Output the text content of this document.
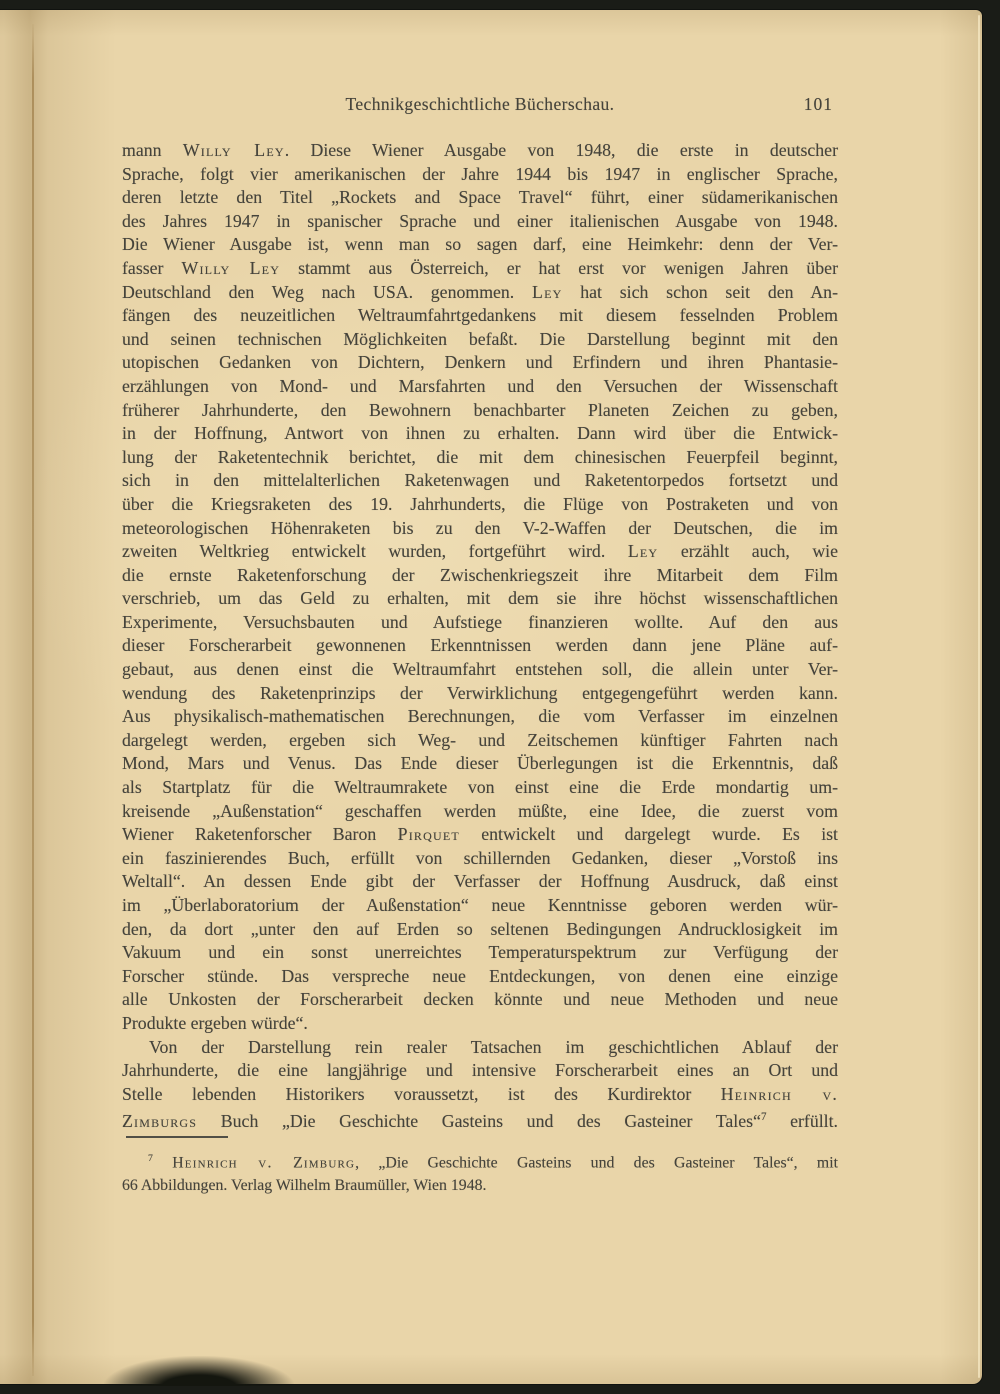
Technikgeschichtliche Bücherschau.	101
mann Willy Ley. Diese Wiener Ausgabe von 1948, die erste in deutscher
Sprache, folgt vier amerikanischen der Jahre 1944 bis 1947 in englischer Sprache,
deren letzte den Titel „Rockets and Space Travel“ führt, einer südamerikanischen
des Jahres 1947 in spanischer Sprache und einer italienischen Ausgabe von 1948.
Die Wiener Ausgabe ist, wenn man so sagen darf, eine Heimkehr: denn der Ver-
fasser Willy Ley stammt aus Österreich, er hat erst vor wenigen Jahren über
Deutschland den Weg nach USA. genommen. Ley hat sich schon seit den An-
fängen des neuzeitlichen Weltraumfahrtgedankens mit diesem fesselnden Problem
und seinen technischen Möglichkeiten befaßt. Die Darstellung beginnt mit den
utopischen Gedanken von Dichtern, Denkern und Erfindern und ihren Phantasie-
erzählungen von Mond- und Marsfahrten und den Versuchen der Wissenschaft
früherer Jahrhunderte, den Bewohnern benachbarter Planeten Zeichen zu geben,
in der Hoffnung, Antwort von ihnen zu erhalten. Dann wird über die Entwick-
lung der Raketentechnik berichtet, die mit dem chinesischen Feuerpfeil beginnt,
sich in den mittelalterlichen Raketenwagen und Raketentorpedos fortsetzt und
über die Kriegsraketen des 19. Jahrhunderts, die Flüge von Postraketen und von
meteorologischen Höhenraketen bis zu den V-2-Waffen der Deutschen, die im
zweiten Weltkrieg entwickelt wurden, fortgeführt wird. Ley erzählt auch, wie
die ernste Raketenforschung der Zwischenkriegszeit ihre Mitarbeit dem Film
verschrieb, um das Geld zu erhalten, mit dem sie ihre höchst wissenschaftlichen
Experimente, Versuchsbauten und Aufstiege finanzieren wollte. Auf den aus
dieser Forscherarbeit gewonnenen Erkenntnissen werden dann jene Pläne auf-
gebaut, aus denen einst die Weltraumfahrt entstehen soll, die allein unter Ver-
wendung des Raketenprinzips der Verwirklichung entgegengeführt werden kann.
Aus physikalisch-mathematischen Berechnungen, die vom Verfasser im einzelnen
dargelegt werden, ergeben sich Weg- und Zeitschemen künftiger Fahrten nach
Mond, Mars und Venus. Das Ende dieser Überlegungen ist die Erkenntnis, daß
als Startplatz für die Weltraumrakete von einst eine die Erde mondartig um-
kreisende „Außenstation“ geschaffen werden müßte, eine Idee, die zuerst vom
Wiener Raketenforscher Baron Pirquet entwickelt und dargelegt wurde. Es ist
ein faszinierendes Buch, erfüllt von schillernden Gedanken, dieser „Vorstoß ins
Weltall“. An dessen Ende gibt der Verfasser der Hoffnung Ausdruck, daß einst
im „Überlaboratorium der Außenstation“ neue Kenntnisse geboren werden wür-
den, da dort „unter den auf Erden so seltenen Bedingungen Andrucklosigkeit im
Vakuum und ein sonst unerreichtes Temperaturspektrum zur Verfügung der
Forscher stünde. Das verspreche neue Entdeckungen, von denen eine einzige
alle Unkosten der Forscherarbeit decken könnte und neue Methoden und neue
Produkte ergeben würde“.
Von der Darstellung rein realer Tatsachen im geschichtlichen Ablauf der
Jahrhunderte, die eine langjährige und intensive Forscherarbeit eines an Ort und
Stelle lebenden Historikers voraussetzt, ist des Kurdirektor Heinrich v.
Zimburgs Buch „Die Geschichte Gasteins und des Gasteiner Tales“$^7$ erfüllt.
$^7$ Heinrich v. Zimburg, „Die Geschichte Gasteins und des Gasteiner Tales“, mit
66 Abbildungen. Verlag Wilhelm Braumüller, Wien 1948.
